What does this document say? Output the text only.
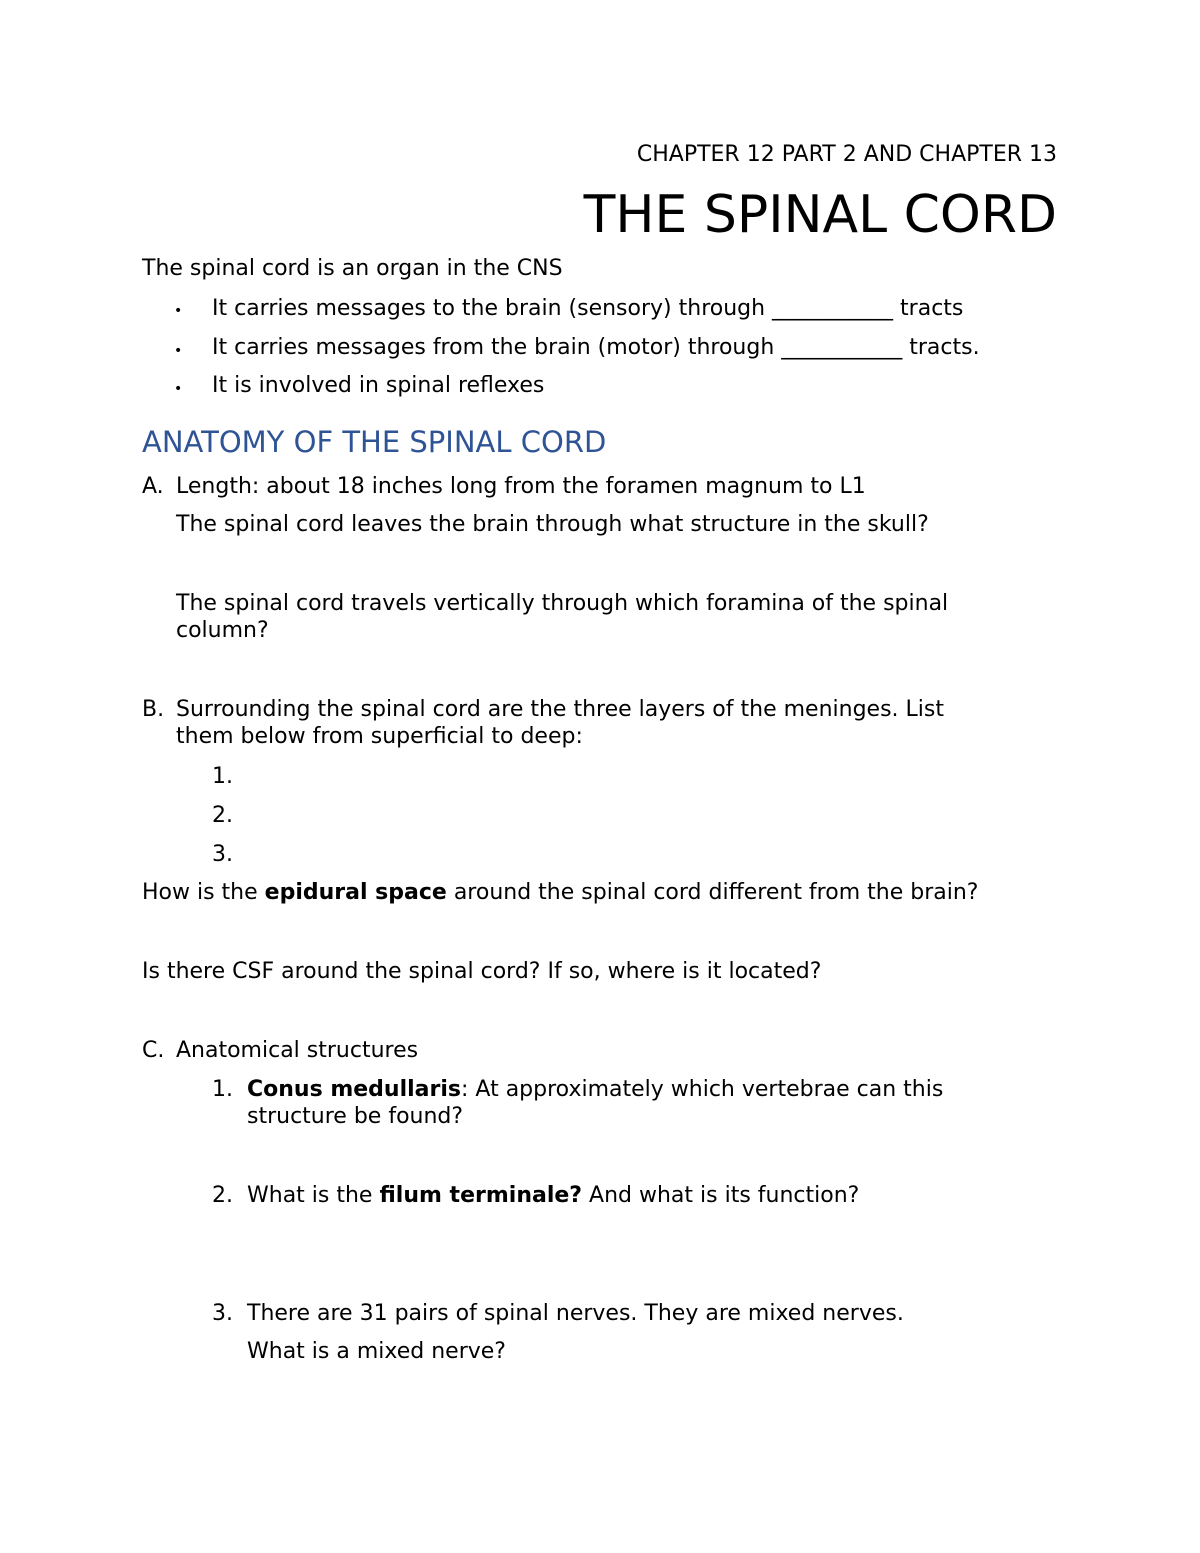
CHAPTER 12 PART 2 AND CHAPTER 13
THE SPINAL CORD
The spinal cord is an organ in the CNS
• It carries messages to the brain (sensory) through ___________ tracts
• It carries messages from the brain (motor) through ___________ tracts.
• It is involved in spinal reflexes
ANATOMY OF THE SPINAL CORD
A. Length: about 18 inches long from the foramen magnum to L1
The spinal cord leaves the brain through what structure in the skull?
The spinal cord travels vertically through which foramina of the spinal
column?
B. Surrounding the spinal cord are the three layers of the meninges. List
them below from superficial to deep:
1.
2.
3.
How is the epidural space around the spinal cord different from the brain?
Is there CSF around the spinal cord? If so, where is it located?
C. Anatomical structures
1. Conus medullaris: At approximately which vertebrae can this
structure be found?
2. What is the filum terminale? And what is its function?
3. There are 31 pairs of spinal nerves. They are mixed nerves.
What is a mixed nerve?
